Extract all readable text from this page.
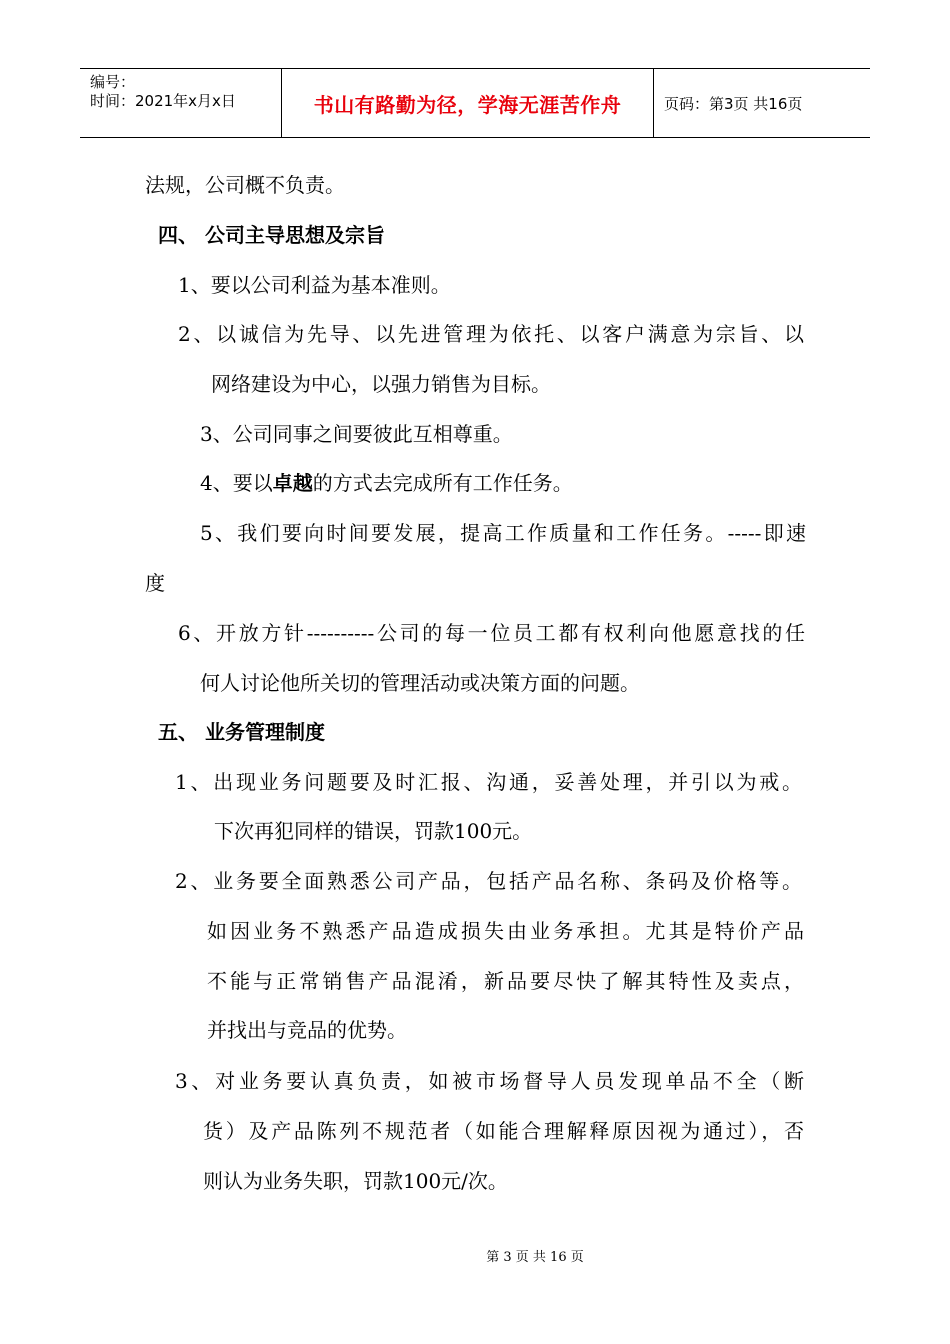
编号：
时间：2021年x月x日	书山有路勤为径，学海无涯苦作舟	页码：第3页 共16页
法规，公司概不负责。
四、 公司主导思想及宗旨
1、要以公司利益为基本准则。
2、以诚信为先导、以先进管理为依托、以客户满意为宗旨、以
网络建设为中心，以强力销售为目标。
3、公司同事之间要彼此互相尊重。
4、要以卓越的方式去完成所有工作任务。
5、我们要向时间要发展，提高工作质量和工作任务。-----即速
度
6、开放方针----------公司的每一位员工都有权利向他愿意找的任
何人讨论他所关切的管理活动或决策方面的问题。
五、 业务管理制度
1、出现业务问题要及时汇报、沟通，妥善处理，并引以为戒。
下次再犯同样的错误，罚款100元。
2、业务要全面熟悉公司产品，包括产品名称、条码及价格等。
如因业务不熟悉产品造成损失由业务承担。尤其是特价产品
不能与正常销售产品混淆，新品要尽快了解其特性及卖点，
并找出与竞品的优势。
3、对业务要认真负责，如被市场督导人员发现单品不全（断
货）及产品陈列不规范者（如能合理解释原因视为通过），否
则认为业务失职，罚款100元/次。
第 3 页 共 16 页
